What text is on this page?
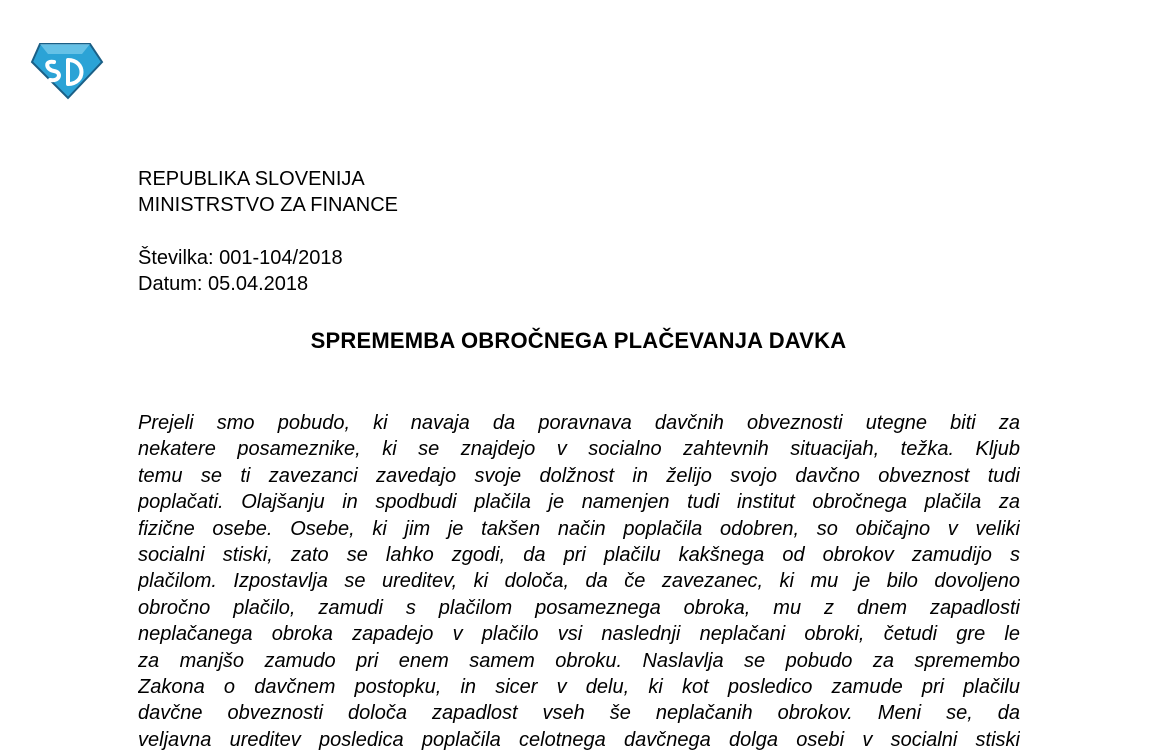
REPUBLIKA SLOVENIJA
MINISTRSTVO ZA FINANCE
Številka: 001-104/2018
Datum: 05.04.2018
SPREMEMBA OBROČNEGA PLAČEVANJA DAVKA
Prejeli smo pobudo, ki navaja da poravnava davčnih obveznosti utegne biti za
nekatere posameznike, ki se znajdejo v socialno zahtevnih situacijah, težka. Kljub
temu se ti zavezanci zavedajo svoje dolžnost in želijo svojo davčno obveznost tudi
poplačati. Olajšanju in spodbudi plačila je namenjen tudi institut obročnega plačila za
fizične osebe. Osebe, ki jim je takšen način poplačila odobren, so običajno v veliki
socialni stiski, zato se lahko zgodi, da pri plačilu kakšnega od obrokov zamudijo s
plačilom. Izpostavlja se ureditev, ki določa, da če zavezanec, ki mu je bilo dovoljeno
obročno plačilo, zamudi s plačilom posameznega obroka, mu z dnem zapadlosti
neplačanega obroka zapadejo v plačilo vsi naslednji neplačani obroki, četudi gre le
za manjšo zamudo pri enem samem obroku. Naslavlja se pobudo za spremembo
Zakona o davčnem postopku, in sicer v delu, ki kot posledico zamude pri plačilu
davčne obveznosti določa zapadlost vseh še neplačanih obrokov. Meni se, da
veljavna ureditev posledica poplačila celotnega davčnega dolga osebi v socialni stiski
